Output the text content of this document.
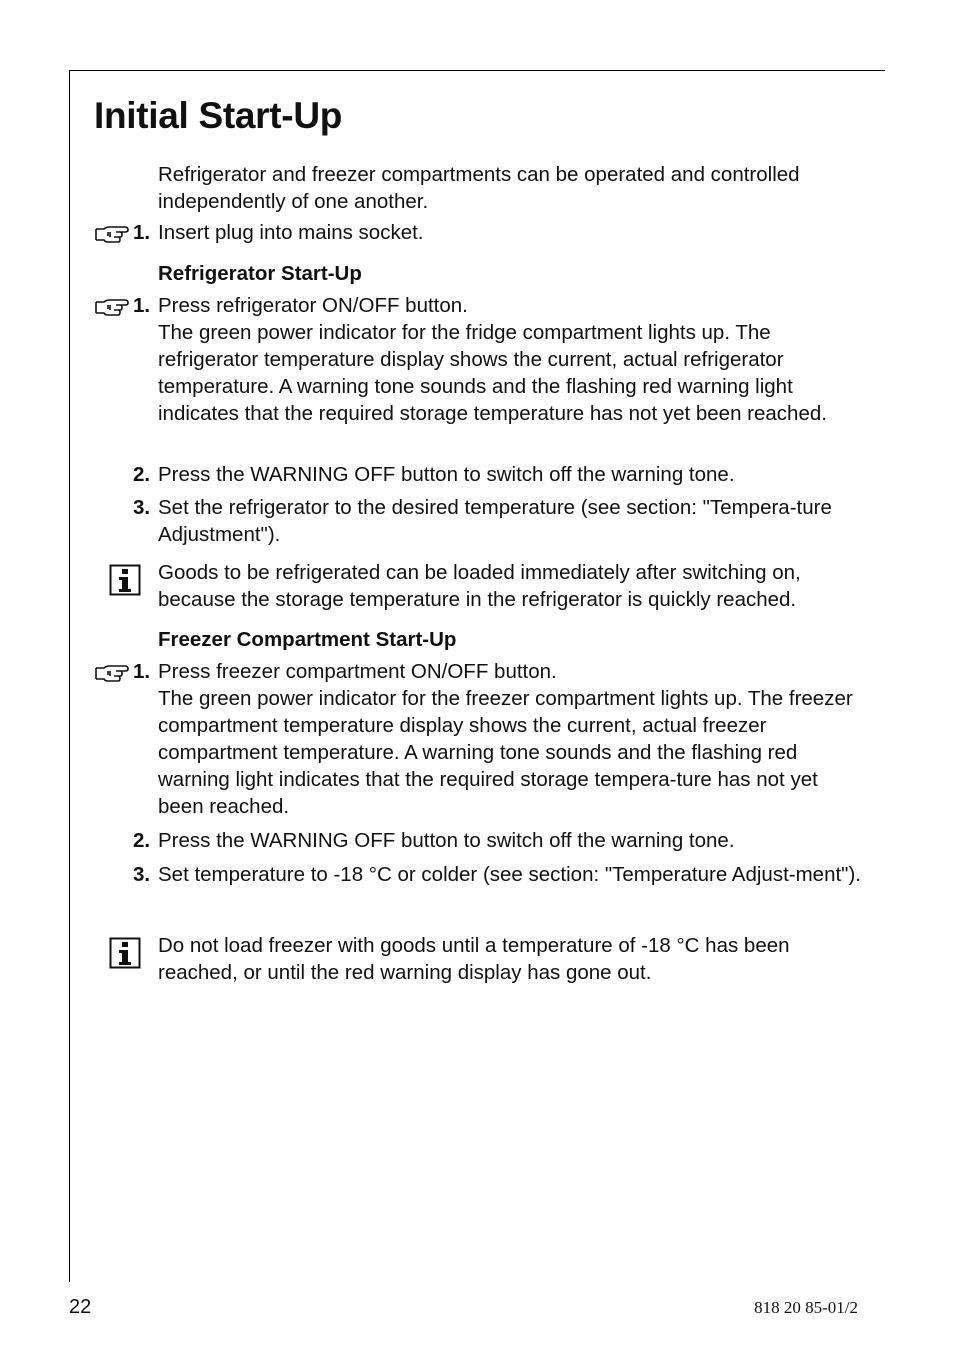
Initial Start-Up
Refrigerator and freezer compartments can be operated and controlled independently of one another.
1. Insert plug into mains socket.
Refrigerator Start-Up
1. Press refrigerator ON/OFF button.
The green power indicator for the fridge compartment lights up. The refrigerator temperature display shows the current, actual refrigerator temperature. A warning tone sounds and the flashing red warning light indicates that the required storage temperature has not yet been reached.
2. Press the WARNING OFF button to switch off the warning tone.
3. Set the refrigerator to the desired temperature (see section: "Tempera-ture Adjustment").
Goods to be refrigerated can be loaded immediately after switching on, because the storage temperature in the refrigerator is quickly reached.
Freezer Compartment Start-Up
1. Press freezer compartment ON/OFF button.
The green power indicator for the freezer compartment lights up. The freezer compartment temperature display shows the current, actual freezer compartment temperature. A warning tone sounds and the flashing red warning light indicates that the required storage tempera-ture has not yet been reached.
2. Press the WARNING OFF button to switch off the warning tone.
3. Set temperature to -18 °C or colder (see section: "Temperature Adjust-ment").
Do not load freezer with goods until a temperature of -18 °C has been reached, or until the red warning display has gone out.
22	818 20 85-01/2
